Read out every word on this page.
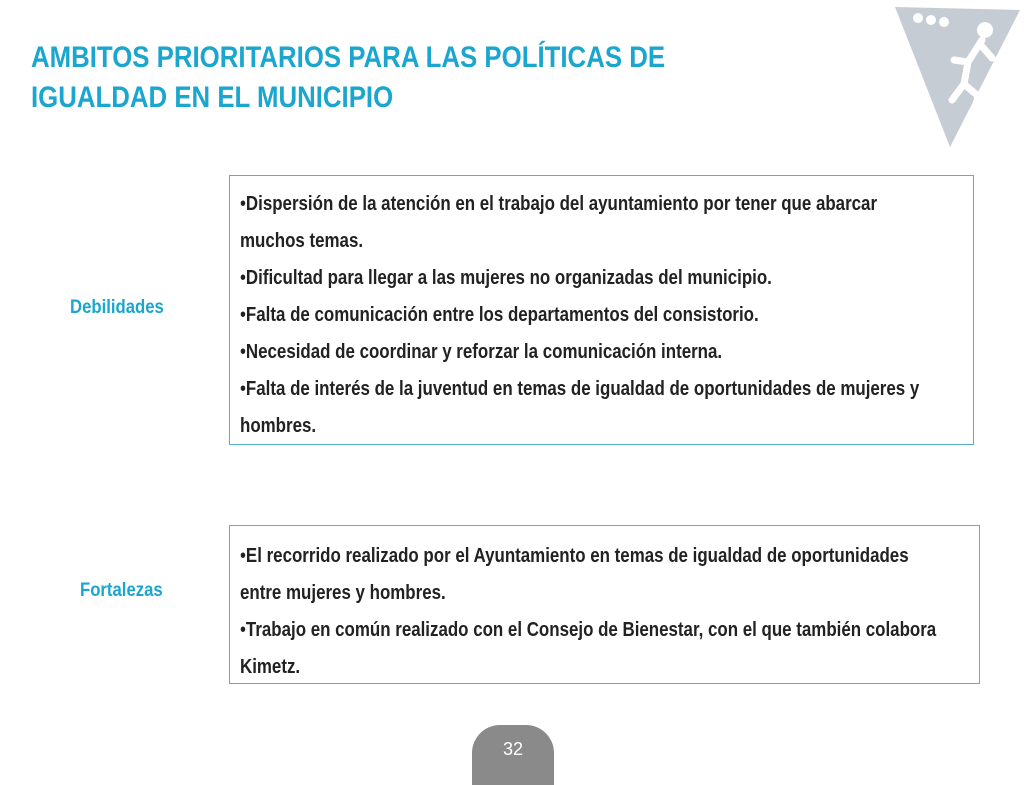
AMBITOS PRIORITARIOS PARA LAS POLÍTICAS DE
IGUALDAD EN EL MUNICIPIO
Debilidades
•Dispersión de la atención en el trabajo del ayuntamiento por tener que abarcar muchos temas.
•Dificultad para llegar a las mujeres no organizadas del municipio.
•Falta de comunicación entre los departamentos del consistorio.
•Necesidad de coordinar y reforzar la comunicación interna.
•Falta de interés de la juventud en temas de igualdad de oportunidades de mujeres y hombres.
Fortalezas
•El recorrido realizado por el Ayuntamiento en temas de igualdad de oportunidades entre mujeres y hombres.
•Trabajo en común realizado con el Consejo de Bienestar, con el que también colabora Kimetz.
32
